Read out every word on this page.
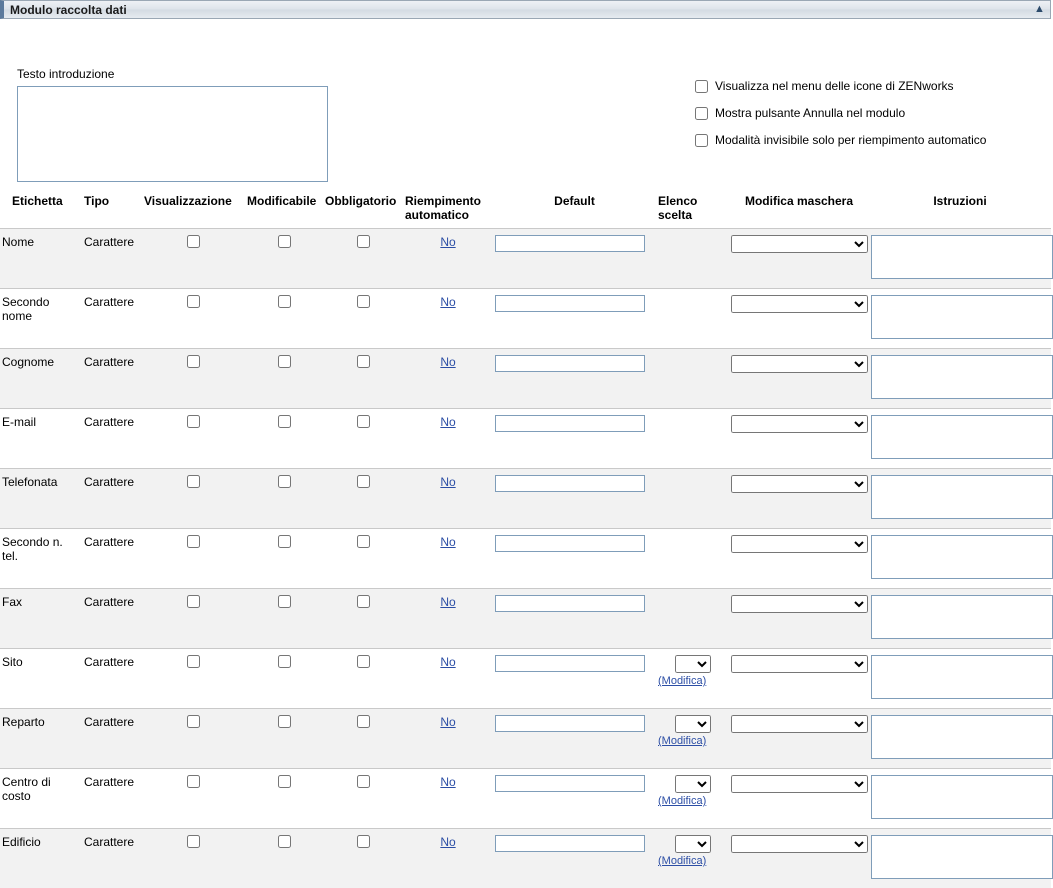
Modulo raccolta dati	▲
Testo introduzione
Visualizza nel menu delle icone di ZENworks
Mostra pulsante Annulla nel modulo
Modalità invisibile solo per riempimento automatico
Etichetta	Tipo	Visualizzazione	Modificabile	Obbligatorio	Riempimento automatico	Default	Elenco scelta	Modifica maschera	Istruzioni
Nome	Carattere				No			

Secondo nome	Carattere				No			

Cognome	Carattere				No			

E-mail	Carattere				No			

Telefonata	Carattere				No			

Secondo n. tel.	Carattere				No			

Fax	Carattere				No			

Sito	Carattere				No		(Modifica)

Reparto	Carattere				No		(Modifica)

Centro di costo	Carattere				No		(Modifica)

Edificio	Carattere				No		(Modifica)
